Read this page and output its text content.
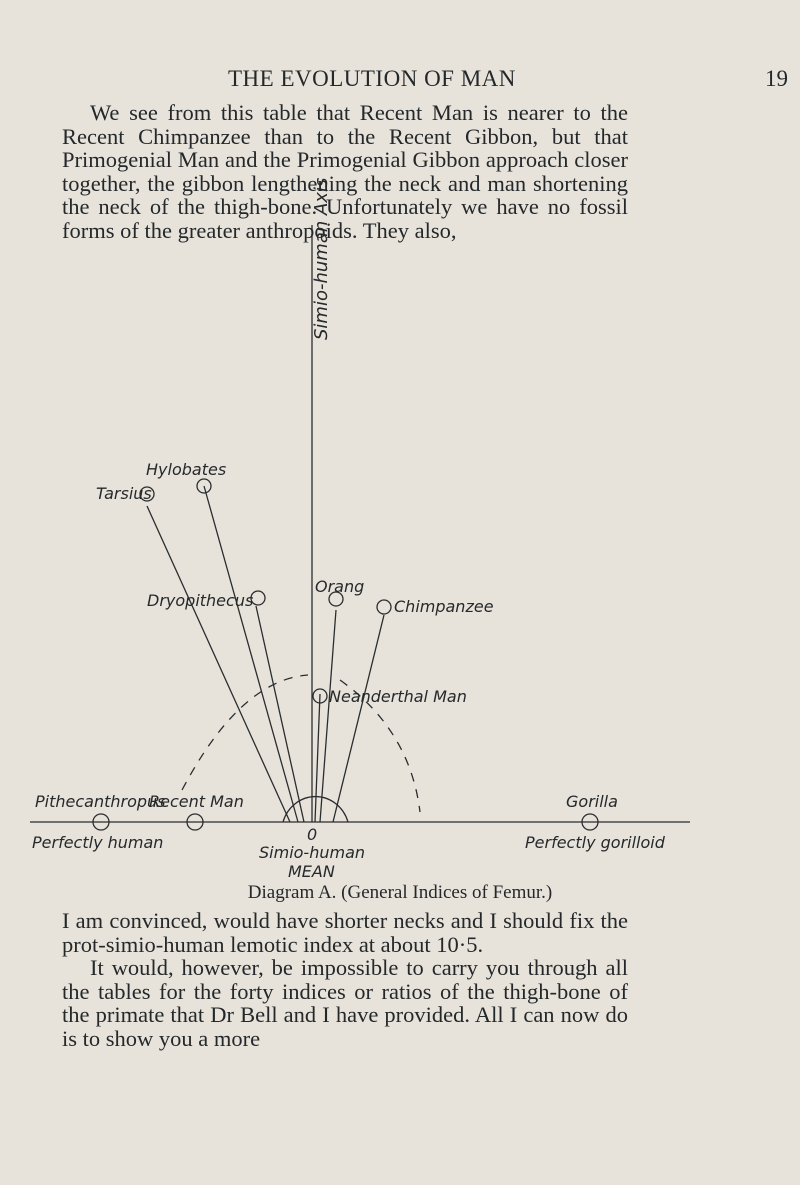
THE EVOLUTION OF MAN	19

We see from this table that Recent Man is nearer to the Recent Chimpanzee than to the Recent Gibbon, but that Primogenial Man and the Primogenial Gibbon approach closer together, the gibbon lengthening the neck and man shortening the neck of the thigh-bone. Unfortunately we have no fossil forms of the greater anthropoids. They also,

Simio-human Axis
Hylobates
Tarsius
Dryopithecus
Orang
Chimpanzee
Neanderthal Man
Pithecanthropus
Recent Man	Gorilla
Perfectly human	0
Simio-human
MEAN
Perfectly gorilloid
Diagram A. (General Indices of Femur.)

I am convinced, would have shorter necks and I should fix the prot-simio-human lemotic index at about 10·5.

It would, however, be impossible to carry you through all the tables for the forty indices or ratios of the thigh-bone of the primate that Dr Bell and I have provided. All I can now do is to show you a more
